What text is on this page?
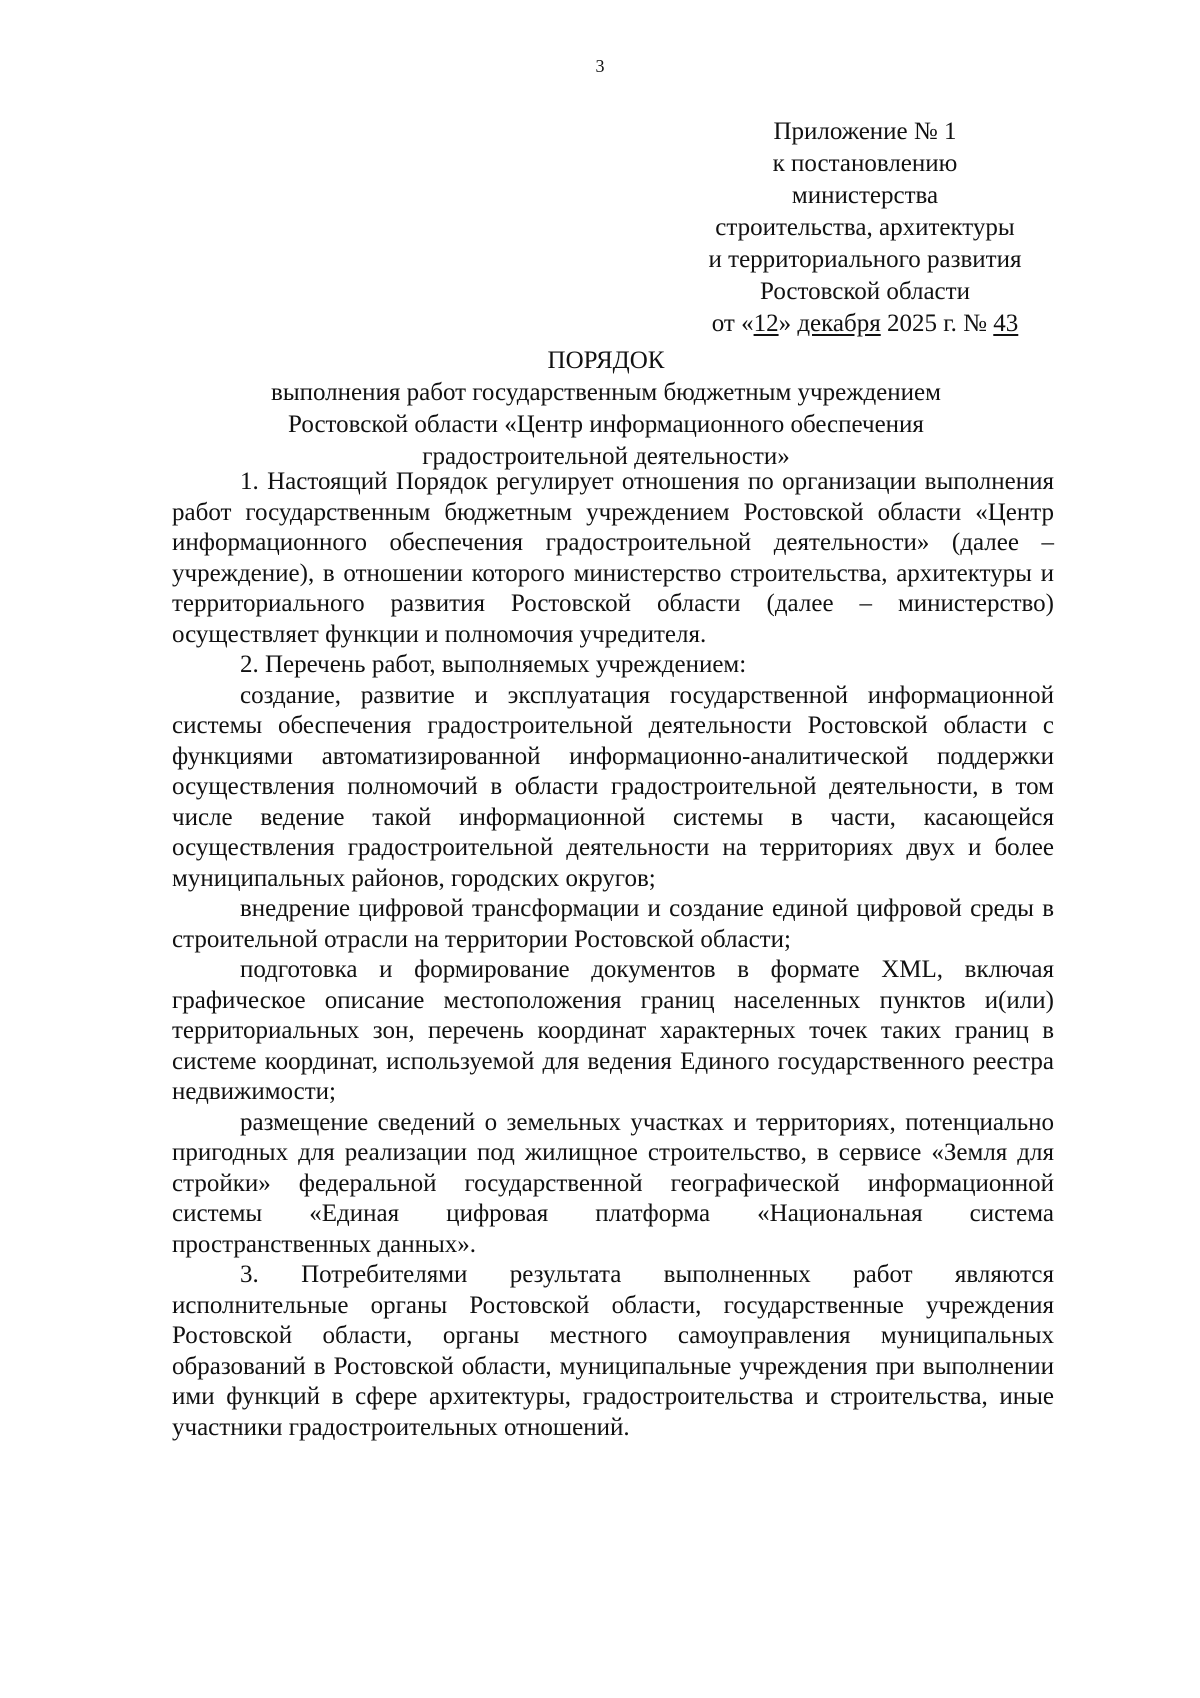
3
Приложение № 1
к постановлению министерства
строительства, архитектуры
и территориального развития
Ростовской области
от «12» декабря 2025 г. № 43
ПОРЯДОК
выполнения работ государственным бюджетным учреждением
Ростовской области «Центр информационного обеспечения
градостроительной деятельности»

1. Настоящий Порядок регулирует отношения по организации выполнения работ государственным бюджетным учреждением Ростовской области «Центр информационного обеспечения градостроительной деятельности» (далее – учреждение), в отношении которого министерство строительства, архитектуры и территориального развития Ростовской области (далее – министерство) осуществляет функции и полномочия учредителя.

2. Перечень работ, выполняемых учреждением:

создание, развитие и эксплуатация государственной информационной системы обеспечения градостроительной деятельности Ростовской области с функциями автоматизированной информационно-аналитической поддержки осуществления полномочий в области градостроительной деятельности, в том числе ведение такой информационной системы в части, касающейся осуществления градостроительной деятельности на территориях двух и более муниципальных районов, городских округов;

внедрение цифровой трансформации и создание единой цифровой среды в строительной отрасли на территории Ростовской области;

подготовка и формирование документов в формате XML, включая графическое описание местоположения границ населенных пунктов и(или) территориальных зон, перечень координат характерных точек таких границ в системе координат, используемой для ведения Единого государственного реестра недвижимости;

размещение сведений о земельных участках и территориях, потенциально пригодных для реализации под жилищное строительство, в сервисе «Земля для стройки» федеральной государственной географической информационной системы «Единая цифровая платформа «Национальная система пространственных данных».

3. Потребителями результата выполненных работ являются исполнительные органы Ростовской области, государственные учреждения Ростовской области, органы местного самоуправления муниципальных образований в Ростовской области, муниципальные учреждения при выполнении ими функций в сфере архитектуры, градостроительства и строительства, иные участники градостроительных отношений.
